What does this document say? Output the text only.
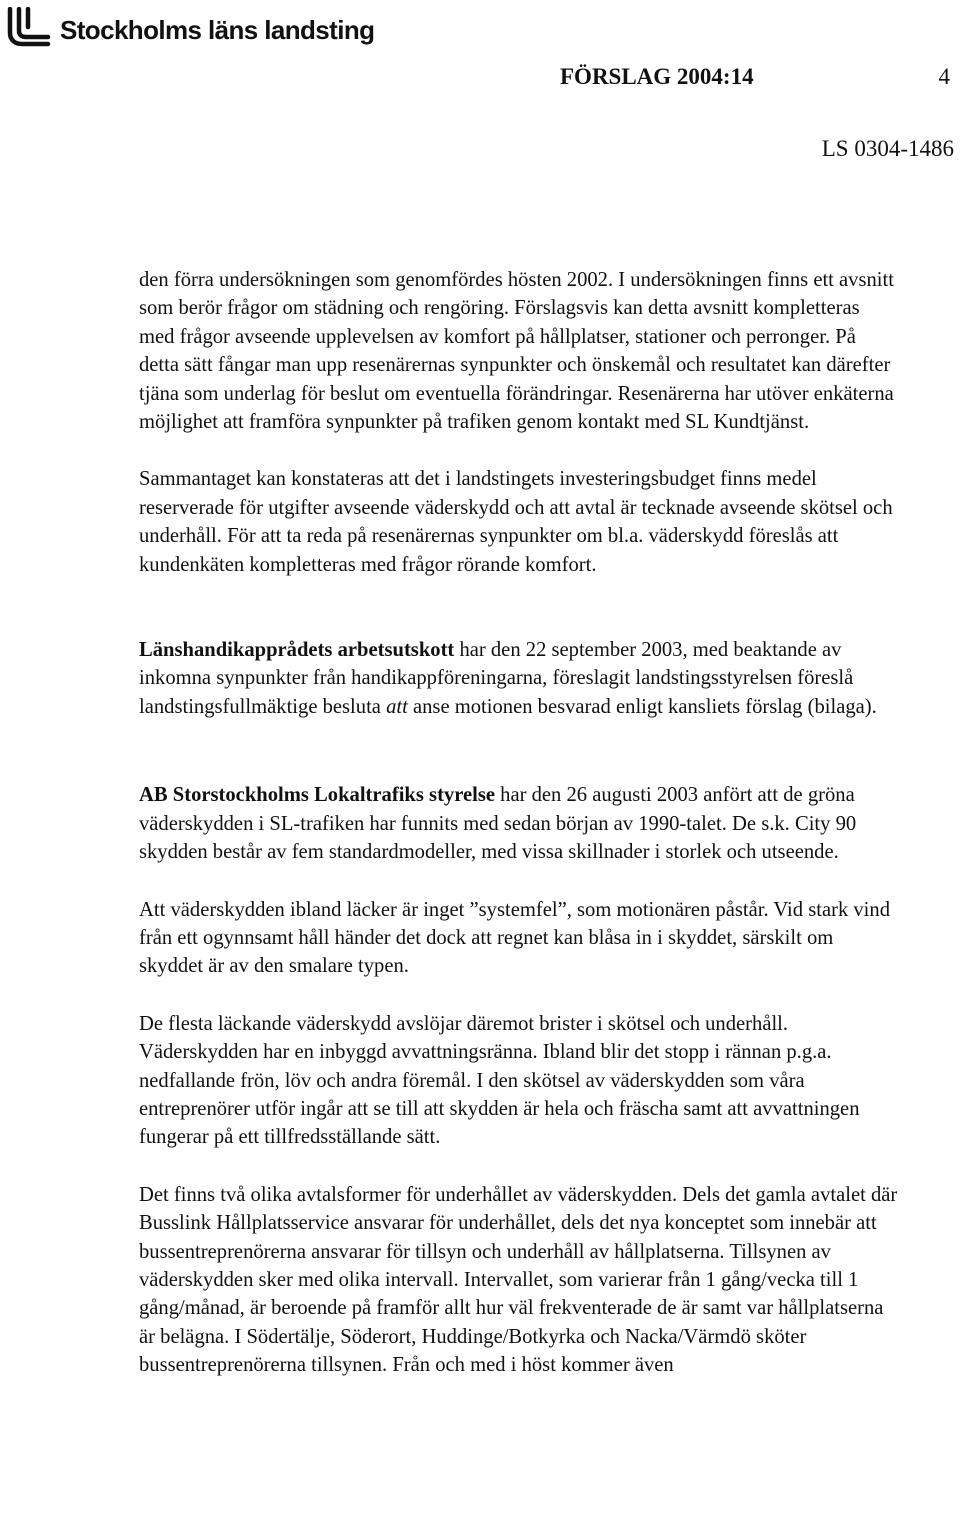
Stockholms läns landsting
FÖRSLAG 2004:14	4
LS 0304-1486

den förra undersökningen som genomfördes hösten 2002. I undersökningen finns ett avsnitt som berör frågor om städning och rengöring. Förslagsvis kan detta avsnitt kompletteras med frågor avseende upplevelsen av komfort på hållplatser, stationer och perronger. På detta sätt fångar man upp resenärernas synpunkter och önskemål och resultatet kan därefter tjäna som underlag för beslut om eventuella förändringar. Resenärerna har utöver enkäterna möjlighet att framföra synpunkter på trafiken genom kontakt med SL Kundtjänst.

Sammantaget kan konstateras att det i landstingets investeringsbudget finns medel reserverade för utgifter avseende väderskydd och att avtal är tecknade avseende skötsel och underhåll. För att ta reda på resenärernas synpunkter om bl.a. väderskydd föreslås att kundenkäten kompletteras med frågor rörande komfort.

Länshandikapprådets arbetsutskott har den 22 september 2003, med beaktande av inkomna synpunkter från handikappföreningarna, föreslagit landstingsstyrelsen föreslå landstingsfullmäktige besluta att anse motionen besvarad enligt kansliets förslag (bilaga).

AB Storstockholms Lokaltrafiks styrelse har den 26 augusti 2003 anfört att de gröna väderskydden i SL-trafiken har funnits med sedan början av 1990-talet. De s.k. City 90 skydden består av fem standardmodeller, med vissa skillnader i storlek och utseende.

Att väderskydden ibland läcker är inget ”systemfel”, som motionären påstår. Vid stark vind från ett ogynnsamt håll händer det dock att regnet kan blåsa in i skyddet, särskilt om skyddet är av den smalare typen.

De flesta läckande väderskydd avslöjar däremot brister i skötsel och underhåll. Väderskydden har en inbyggd avvattningsränna. Ibland blir det stopp i rännan p.g.a. nedfallande frön, löv och andra föremål. I den skötsel av väderskydden som våra entreprenörer utför ingår att se till att skydden är hela och fräscha samt att avvattningen fungerar på ett tillfredsställande sätt.

Det finns två olika avtalsformer för underhållet av väderskydden. Dels det gamla avtalet där Busslink Hållplatsservice ansvarar för underhållet, dels det nya konceptet som innebär att bussentreprenörerna ansvarar för tillsyn och underhåll av hållplatserna. Tillsynen av väderskydden sker med olika intervall. Intervallet, som varierar från 1 gång/vecka till 1 gång/månad, är beroende på framför allt hur väl frekventerade de är samt var hållplatserna är belägna. I Södertälje, Söderort, Huddinge/Botkyrka och Nacka/Värmdö sköter bussentreprenörerna tillsynen. Från och med i höst kommer även
